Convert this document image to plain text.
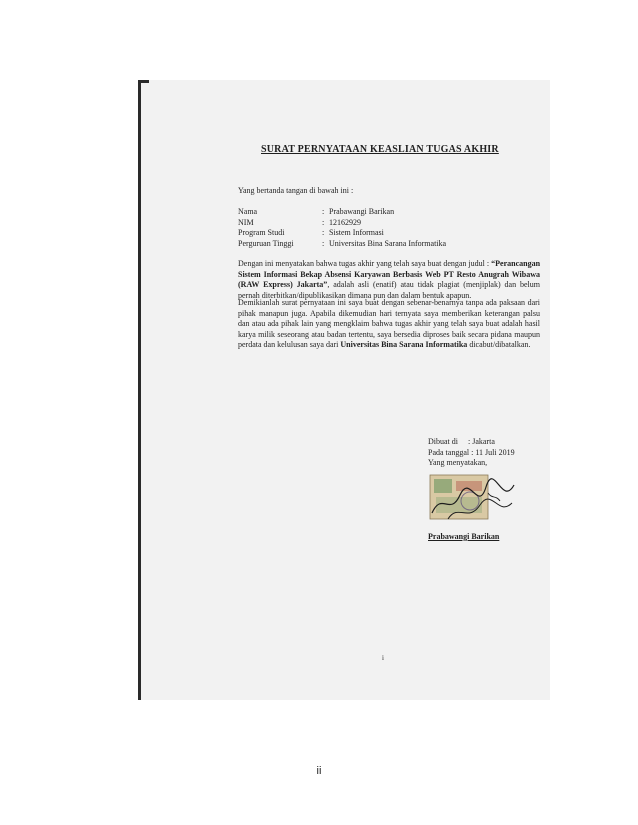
SURAT PERNYATAAN KEASLIAN TUGAS AKHIR
Yang bertanda tangan di bawah ini :
Nama	:	Prabawangi Barikan
NIM	:	12162929
Program Studi	:	Sistem Informasi
Perguruan Tinggi	:	Universitas Bina Sarana Informatika
Dengan ini menyatakan bahwa tugas akhir yang telah saya buat dengan judul : “Perancangan Sistem Informasi Bekap Absensi Karyawan Berbasis Web PT Resto Anugrah Wibawa (RAW Express) Jakarta”, adalah asli (enatif) atau tidak plagiat (menjiplak) dan belum pernah diterbitkan/dipublikasikan dimana pun dan dalam bentuk apapun.
Demikianlah surat pernyataan ini saya buat dengan sebenar-benarnya tanpa ada paksaan dari pihak manapun juga. Apabila dikemudian hari ternyata saya memberikan keterangan palsu dan atau ada pihak lain yang mengklaim bahwa tugas akhir yang telah saya buat adalah hasil karya milik seseorang atau badan tertentu, saya bersedia diproses baik secara pidana maupun perdata dan kelulusan saya dari Universitas Bina Sarana Informatika dicabut/dibatalkan.
Dibuat di     : Jakarta
Pada tanggal : 11 Juli 2019
Yang menyatakan,
Prabawangi Barikan
i
ii
